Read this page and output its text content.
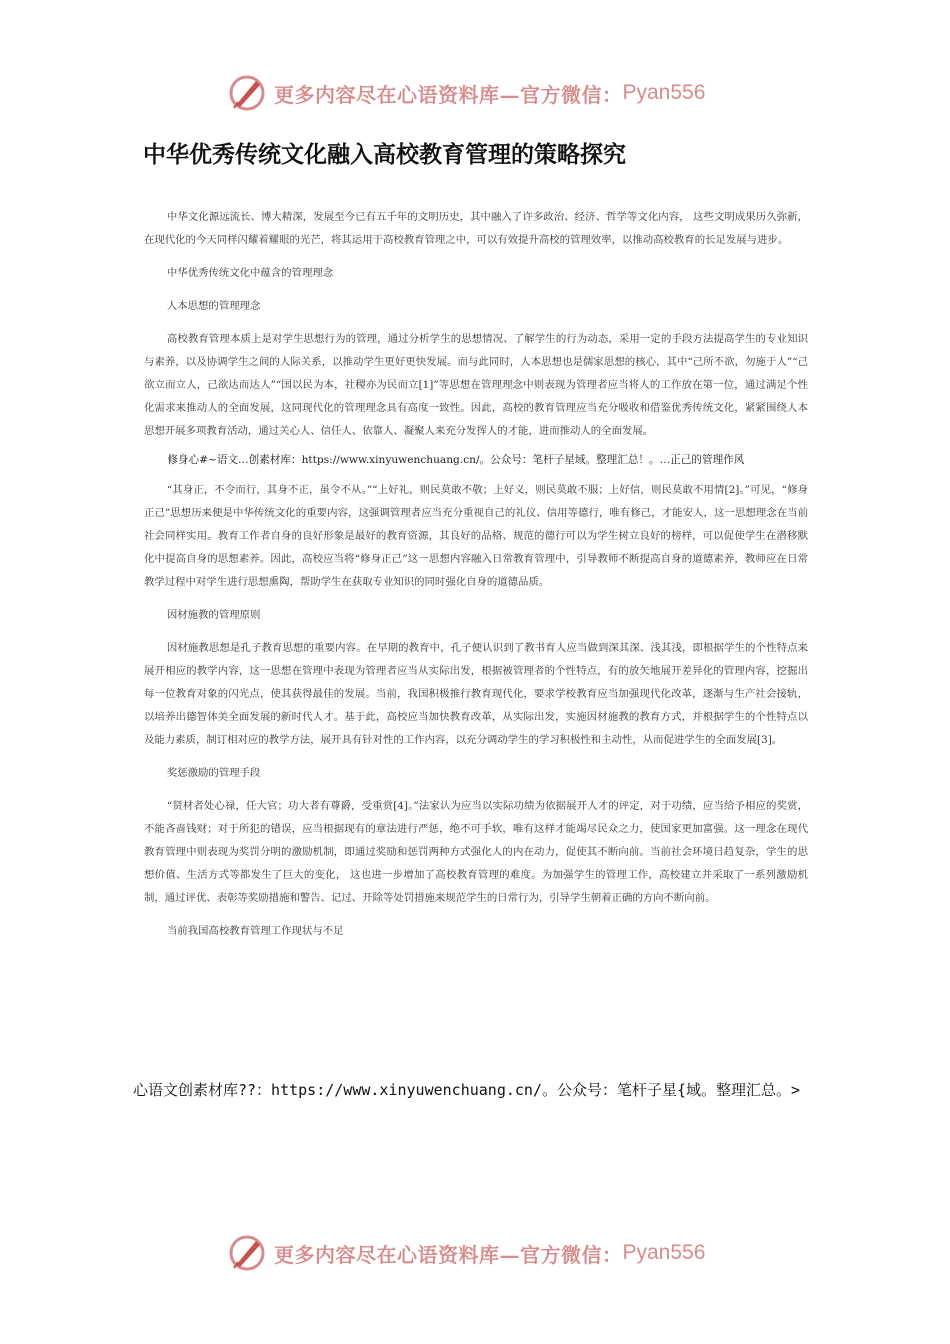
更多内容尽在心语资料库—官方微信： Pyan556
中华优秀传统文化融入高校教育管理的策略探究

中华文化源远流长、博大精深，发展至今已有五千年的文明历史，其中融入了许多政治、经济、哲学等文化内容， 这些文明成果历久弥新，在现代化的今天同样闪耀着耀眼的光芒，将其运用于高校教育管理之中，可以有效提升高校的管理效率，以推动高校教育的长足发展与进步。

中华优秀传统文化中蕴含的管理理念

人本思想的管理理念

高校教育管理本质上是对学生思想行为的管理，通过分析学生的思想情况、了解学生的行为动态，采用一定的手段方法提高学生的专业知识与素养，以及协调学生之间的人际关系，以推动学生更好更快发展。而与此同时，人本思想也是儒家思想的核心，其中“己所不欲，勿施于人”“己欲立而立人，己欲达而达人”“国以民为本，社稷亦为民而立[1]”等思想在管理理念中则表现为管理者应当将人的工作放在第一位，通过满足个性化需求来推动人的全面发展，这同现代化的管理理念具有高度一致性。因此，高校的教育管理应当充分吸收和借鉴优秀传统文化，紧紧围绕人本思想开展多项教育活动，通过关心人、信任人、依靠人、凝聚人来充分发挥人的才能，进而推动人的全面发展。

修身心#~语文…创素材库：https://www.xinyuwenchuang.cn/。公众号：笔杆子星域。整理汇总！。…正己的管理作风

“其身正，不令而行，其身不正，虽令不从。”“上好礼，则民莫敢不敬；上好义，则民莫敢不服；上好信，则民莫敢不用情[2]。”可见，“修身正己”思想历来便是中华传统文化的重要内容，这强调管理者应当充分重视自己的礼仪、信用等德行，唯有修己，才能安人，这一思想理念在当前社会同样实用。教育工作者自身的良好形象是最好的教育资源，其良好的品格、规范的德行可以为学生树立良好的榜样，可以促使学生在潜移默化中提高自身的思想素养。因此，高校应当将“修身正己”这一思想内容融入日常教育管理中，引导教师不断提高自身的道德素养，教师应在日常教学过程中对学生进行思想熏陶，帮助学生在获取专业知识的同时强化自身的道德品质。

因材施教的管理原则

因材施教思想是孔子教育思想的重要内容。在早期的教育中，孔子便认识到了教书育人应当做到深其深、浅其浅，即根据学生的个性特点来展开相应的教学内容，这一思想在管理中表现为管理者应当从实际出发，根据被管理者的个性特点，有的放矢地展开差异化的管理内容，挖掘出每一位教育对象的闪光点，使其获得最佳的发展。当前，我国积极推行教育现代化，要求学校教育应当加强现代化改革，逐渐与生产社会接轨，以培养出德智体美全面发展的新时代人才。基于此，高校应当加快教育改革，从实际出发，实施因材施教的教育方式，并根据学生的个性特点以及能力素质，制订相对应的教学方法，展开具有针对性的工作内容，以充分调动学生的学习积极性和主动性，从而促进学生的全面发展[3]。

奖惩激励的管理手段

“贤材者处心禄，任大官；功大者有尊爵，受重赏[4]。”法家认为应当以实际功绩为依据展开人才的评定，对于功绩，应当给予相应的奖赏，不能吝啬钱财；对于所犯的错误，应当根据现有的章法进行严惩，绝不可手软，唯有这样才能竭尽民众之力，使国家更加富强。这一理念在现代教育管理中则表现为奖罚分明的激励机制，即通过奖励和惩罚两种方式强化人的内在动力，促使其不断向前。当前社会环境日趋复杂，学生的思想价值、生活方式等都发生了巨大的变化， 这也进一步增加了高校教育管理的难度。为加强学生的管理工作，高校建立并采取了一系列激励机制，通过评优、表彰等奖励措施和警告、记过、开除等处罚措施来规范学生的日常行为，引导学生朝着正确的方向不断向前。

当前我国高校教育管理工作现状与不足

心语文创素材库??：https://www.xinyuwenchuang.cn/。公众号：笔杆子星{域。整理汇总。>
更多内容尽在心语资料库—官方微信： Pyan556
